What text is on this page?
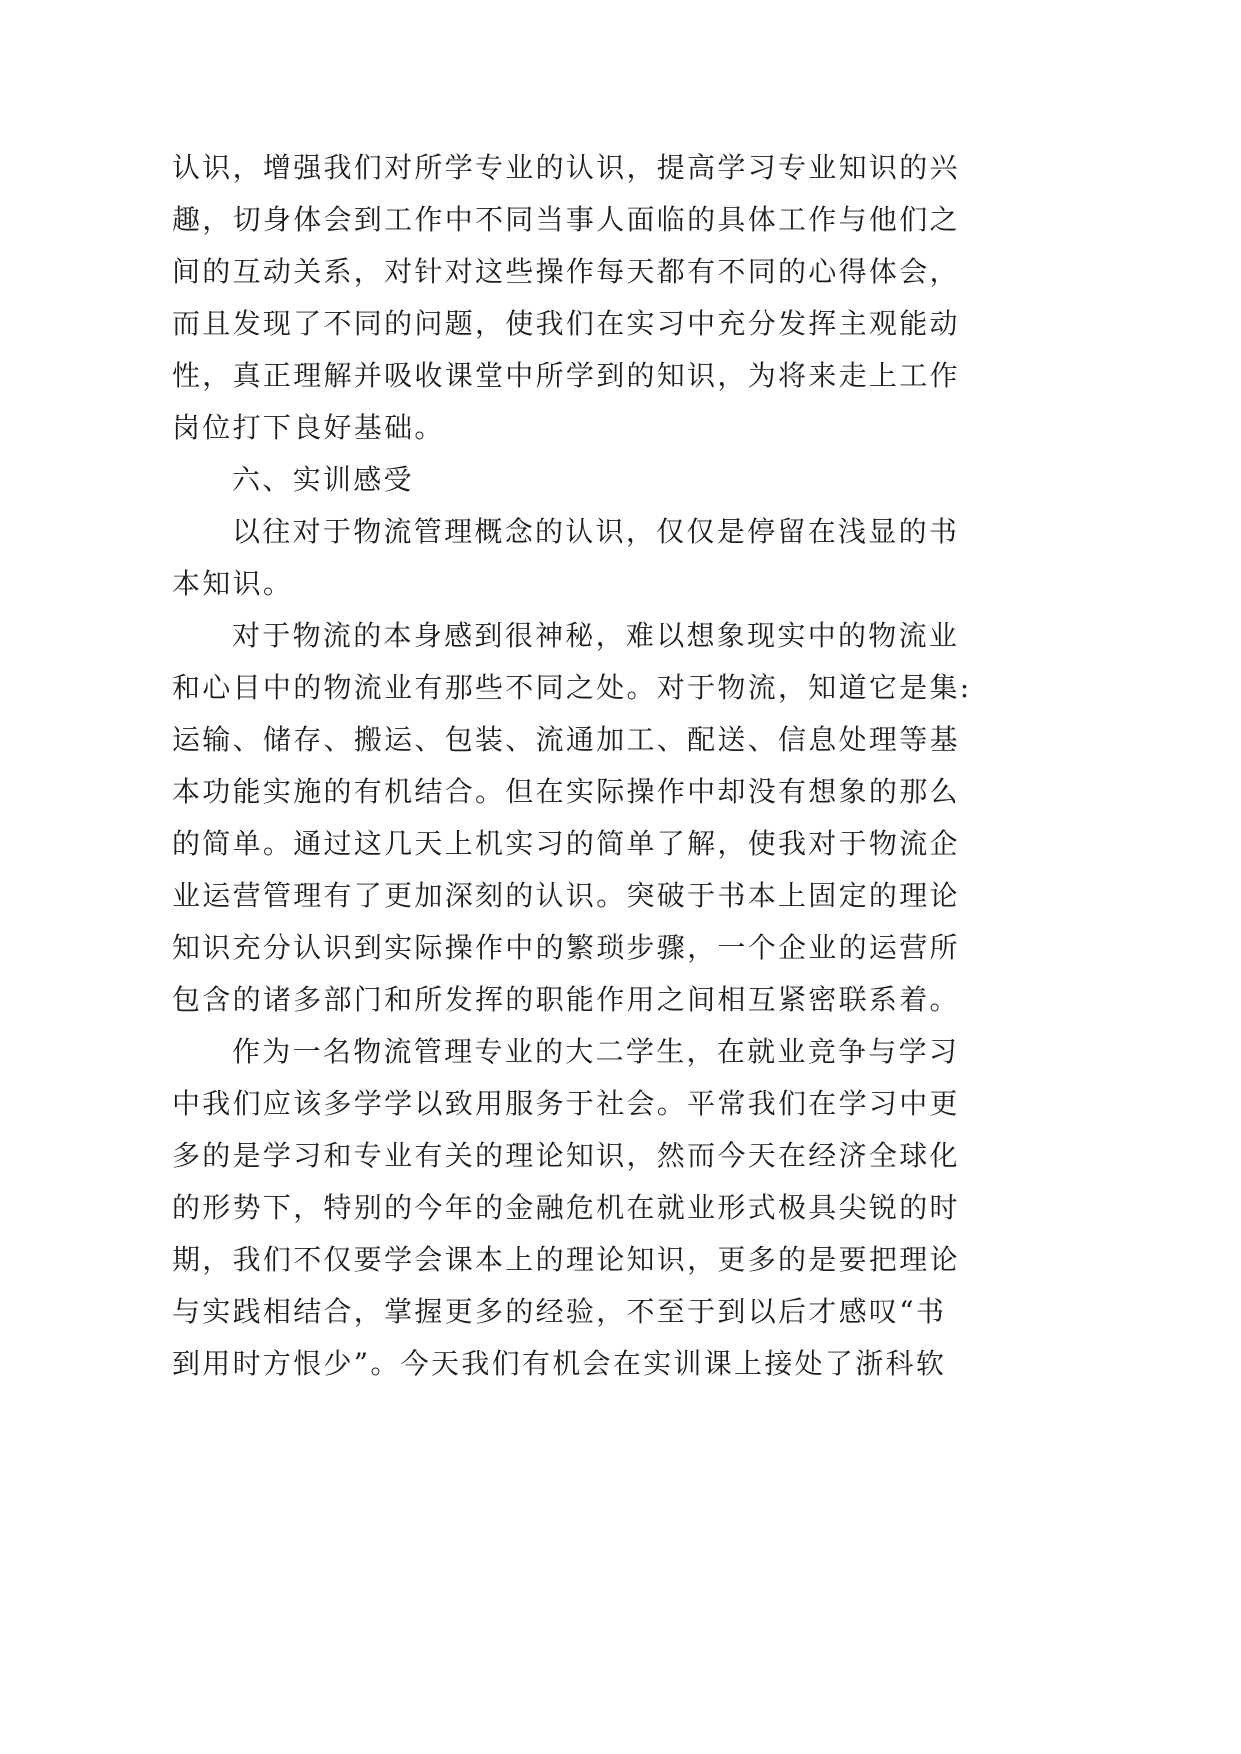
认识，增强我们对所学专业的认识，提高学习专业知识的兴
趣，切身体会到工作中不同当事人面临的具体工作与他们之
间的互动关系，对针对这些操作每天都有不同的心得体会，
而且发现了不同的问题，使我们在实习中充分发挥主观能动
性，真正理解并吸收课堂中所学到的知识，为将来走上工作
岗位打下良好基础。
六、实训感受
以往对于物流管理概念的认识，仅仅是停留在浅显的书
本知识。
对于物流的本身感到很神秘，难以想象现实中的物流业
和心目中的物流业有那些不同之处。对于物流，知道它是集:
运输、储存、搬运、包装、流通加工、配送、信息处理等基
本功能实施的有机结合。但在实际操作中却没有想象的那么
的简单。通过这几天上机实习的简单了解，使我对于物流企
业运营管理有了更加深刻的认识。突破于书本上固定的理论
知识充分认识到实际操作中的繁琐步骤，一个企业的运营所
包含的诸多部门和所发挥的职能作用之间相互紧密联系着。
作为一名物流管理专业的大二学生，在就业竞争与学习
中我们应该多学学以致用服务于社会。平常我们在学习中更
多的是学习和专业有关的理论知识，然而今天在经济全球化
的形势下，特别的今年的金融危机在就业形式极具尖锐的时
期，我们不仅要学会课本上的理论知识，更多的是要把理论
与实践相结合，掌握更多的经验，不至于到以后才感叹“书
到用时方恨少”。今天我们有机会在实训课上接处了浙科软
